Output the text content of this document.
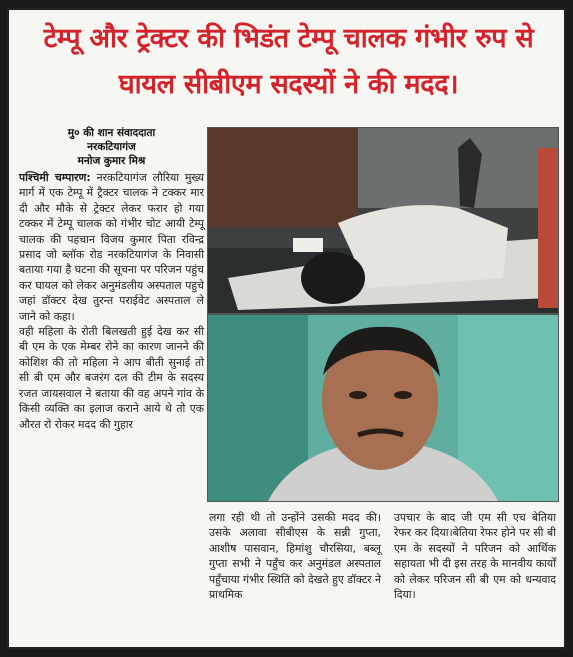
टेम्पू और ट्रेक्टर की भिडंत टेम्पू चालक गंभीर रुप से घायल सीबीएम सदस्यों ने की मदद।
मु० की शान संवाददाता
नरकटियागंज
मनोज कुमार मिश्र

पश्चिमी चम्पारण: नरकटियागंज लौरिया मुख्य मार्ग में एक टेम्पू में ट्रैक्टर चालक ने टक्कर मार दी और मौके से ट्रेक्टर लेकर फरार हो गया टक्कर में टेम्पू चालक को गंभीर चोट आयी टेम्पू चालक की पहचान विजय कुमार पिता रविन्द्र प्रसाद जो ब्लॉक रोड नरकटियागंज के निवासी बताया गया है घटना की सूचना पर परिजन पहुंच कर घायल को लेकर अनुमंडलीय अस्पताल पहुचे जहां डॉक्टर देख तुरन्त पराईवेट अस्पताल ले जाने को कहा।

वही महिला के रोती बिलखती हुई देख कर सी बी एम के एक मेम्बर रोने का कारण जानने की कोशिश की तो महिला ने आप बीती सुनाई तो सी बी एम और बजरंग दल की टीम के सदस्य रजत जायसवाल ने बताया की वह अपने गांव के किसी व्यक्ति का इलाज कराने आये थे तो एक औरत रो रोकर मदद की गुहार

लगा रही थी तो उन्होंने उसकी मदद की। उसके अलावा सीबीएस के सन्नी गुप्ता, आशीष पासवान, हिमांशु चौरसिया, बब्लू गुप्ता सभी ने पहुँच कर अनुमंडल अस्पताल पहुँचाया गंभीर स्थिति को देखते हुए डॉक्टर ने प्राथमिक

उपचार के बाद जी एम सी एच बेतिया रेफर कर दिया।बेतिया रेफर होने पर सी बी एम के सदस्यों ने परिजन को आर्थिक सहायता भी दी इस तरह के मानवीय कार्यों को लेकर परिजन सी बी एम को धन्यवाद दिया।
